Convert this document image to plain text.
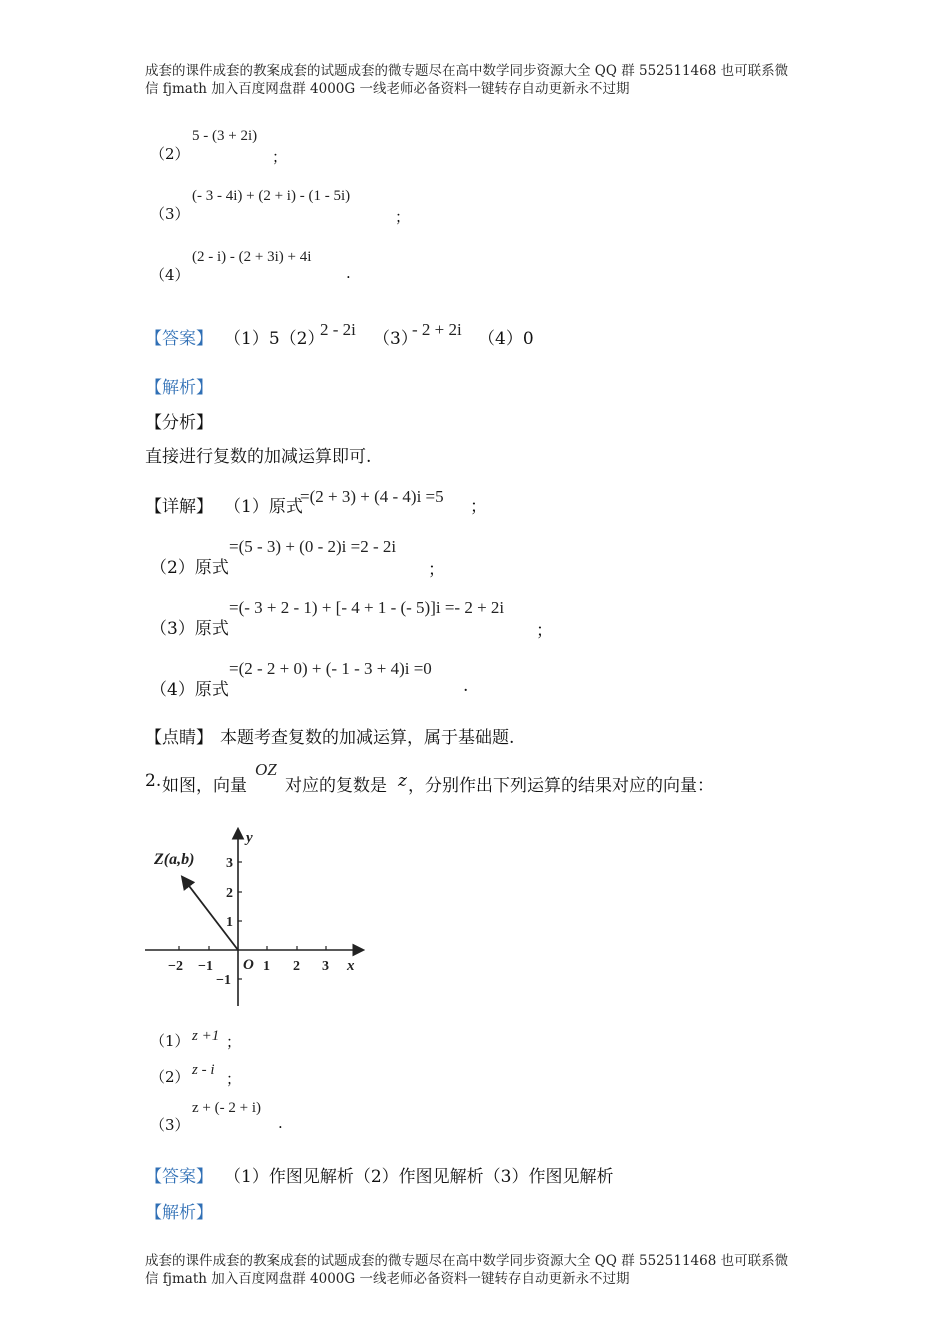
成套的课件成套的教案成套的试题成套的微专题尽在高中数学同步资源大全 QQ 群 552511468 也可联系微
信 fjmath 加入百度网盘群 4000G 一线老师必备资料一键转存自动更新永不过期
（2）
5 - (3 + 2i)
；
（3）
(- 3 - 4i) + (2 + i) - (1 - 5i)
；
（4）
(2 - i) - (2 + 3i) + 4i
.
【答案】 （1）5（2）
2 - 2i （3）
- 2 + 2i （4）0
【解析】
【分析】
直接进行复数的加减运算即可.
【详解】 （1）原式
=(2 + 3) + (4 - 4)i =5
；
（2）原式
=(5 - 3) + (0 - 2)i =2 - 2i
；
（3）原式
=(- 3 + 2 - 1) + [- 4 + 1 - (- 5)]i =- 2 + 2i
；
（4）原式
=(2 - 2 + 0) + (- 1 - 3 + 4)i =0
.
【点睛】 本题考查复数的加减运算，属于基础题.
2. 如图，向量
OZ
对应的复数是 z ，分别作出下列运算的结果对应的向量：
Z(a,b)
y
x
O
−2 −1	1 2 3
3
2
1
−1
（1） z +1 ；
（2） z - i ；
（3）
z + (- 2 + i)
.
【答案】 （1）作图见解析（2）作图见解析（3）作图见解析
【解析】
成套的课件成套的教案成套的试题成套的微专题尽在高中数学同步资源大全 QQ 群 552511468 也可联系微
信 fjmath 加入百度网盘群 4000G 一线老师必备资料一键转存自动更新永不过期
